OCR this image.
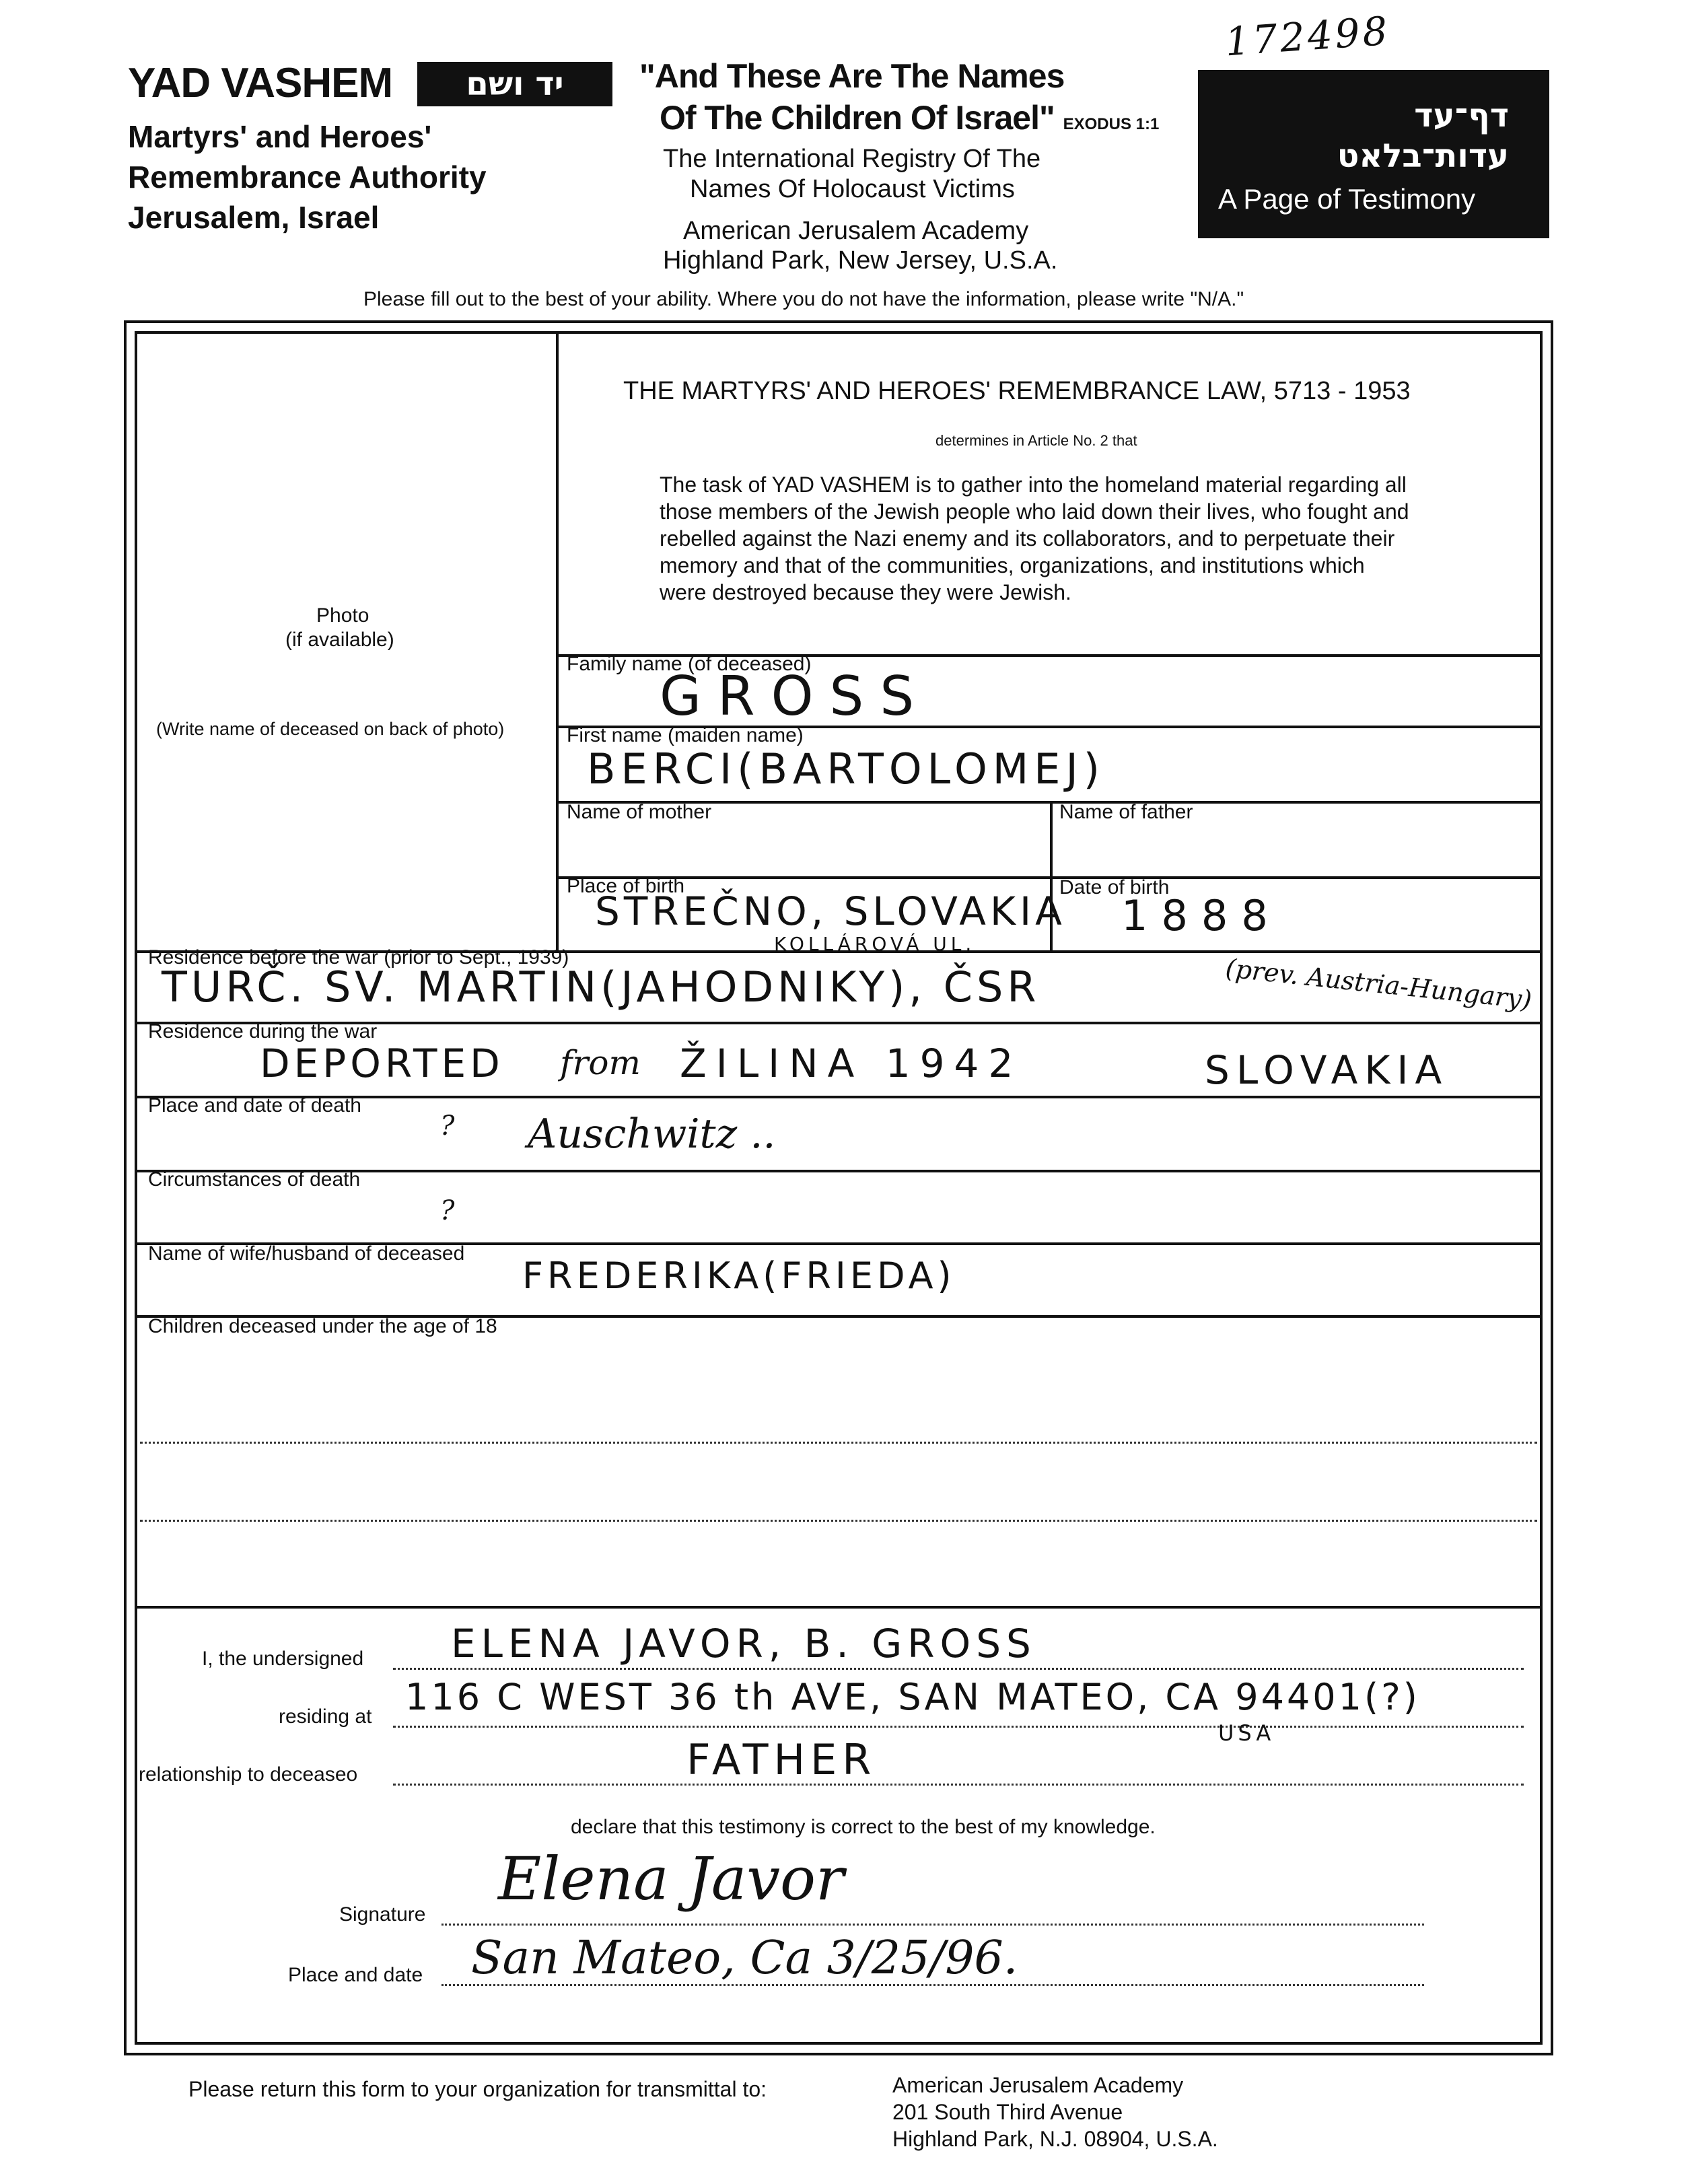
YAD VASHEM	יד ושם
Martyrs' and Heroes'
Remembrance Authority
Jerusalem, Israel
"And These Are The Names
Of The Children Of Israel" EXODUS 1:1
The International Registry Of The
Names Of Holocaust Victims
American Jerusalem Academy
Highland Park, New Jersey, U.S.A.
172498
דף־עד
עדות־בלאט
A Page of Testimony
Please fill out to the best of your ability. Where you do not have the information, please write "N/A."
THE MARTYRS' AND HEROES' REMEMBRANCE LAW, 5713 - 1953
determines in Article No. 2 that
The task of YAD VASHEM is to gather into the homeland material regarding all
those members of the Jewish people who laid down their lives, who fought and
rebelled against the Nazi enemy and its collaborators, and to perpetuate their
memory and that of the communities, organizations, and institutions which
were destroyed because they were Jewish.
Photo
(if available)
(Write name of deceased on back of photo)
Family name (of deceased)
GROSS
First name (maiden name)
BERCI(BARTOLOMEJ)
Name of mother	Name of father
Place of birth
STREČNO, SLOVAKIA
Date of birth
1888
Residence before the war (prior to Sept., 1939)
KOLLÁROVÁ UL.
TURČ. SV. MARTIN(JAHODNIKY), ČSR	(prev. Austria-Hungary)
Residence during the war
DEPORTED from ŽILINA 1942	SLOVAKIA
Place and date of death
? Auschwitz ..
Circumstances of death
?
Name of wife/husband of deceased
FREDERIKA(FRIEDA)
Children deceased under the age of 18
I, the undersigned ELENA JAVOR, B. GROSS
residing at 116 C WEST 36 th AVE, SAN MATEO, CA 94401(?)
USA
relationship to deceaseo	FATHER
declare that this testimony is correct to the best of my knowledge.
Signature
Elena Javor
Place and date San Mateo, Ca 3/25/96.
Please return this form to your organization for transmittal to:	American Jerusalem Academy
201 South Third Avenue
Highland Park, N.J. 08904, U.S.A.
